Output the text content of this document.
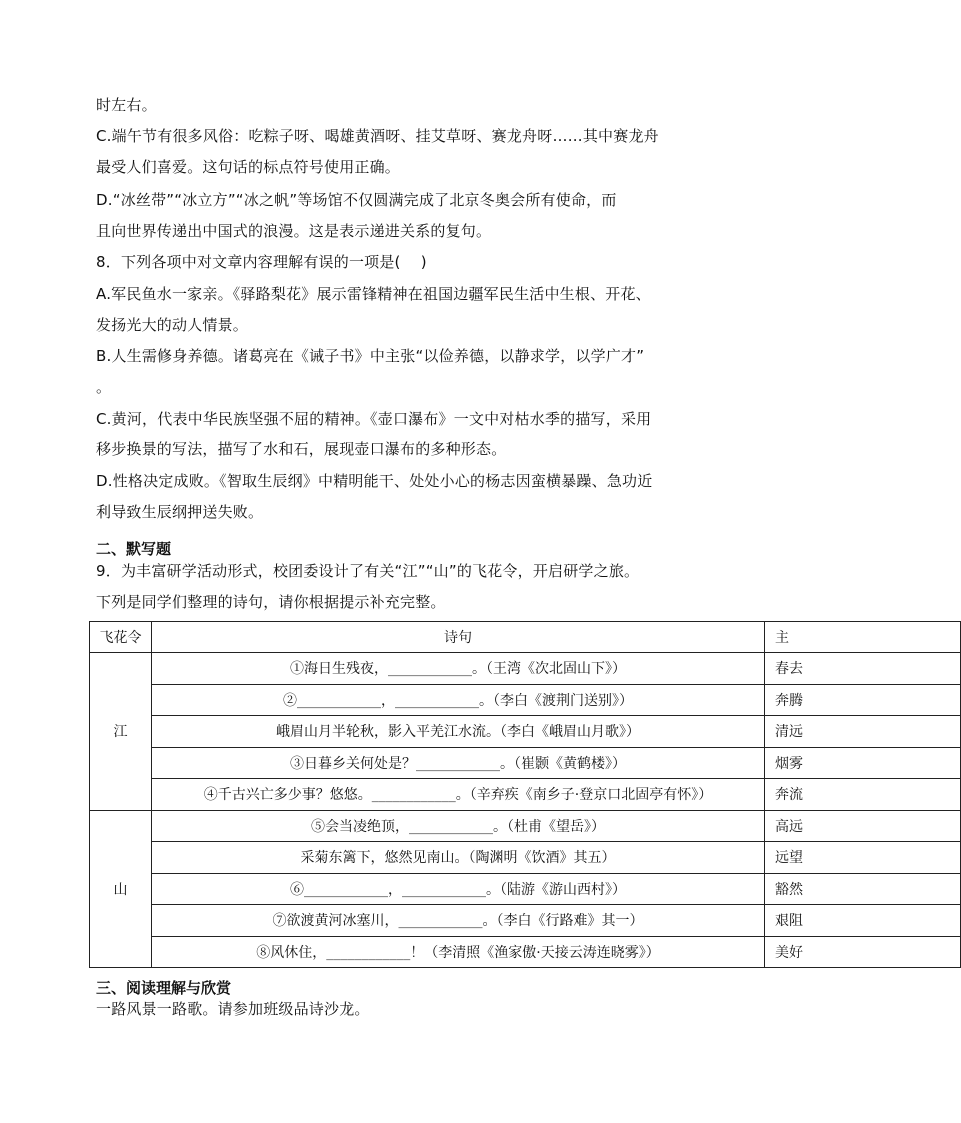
时左右。
C.端午节有很多风俗：吃粽子呀、喝雄黄酒呀、挂艾草呀、赛龙舟呀……其中赛龙舟
最受人们喜爱。这句话的标点符号使用正确。
D.“冰丝带”“冰立方”“冰之帆”等场馆不仅圆满完成了北京冬奥会所有使命，而
且向世界传递出中国式的浪漫。这是表示递进关系的复句。
8．下列各项中对文章内容理解有误的一项是(　 )
A.军民鱼水一家亲。《驿路梨花》展示雷锋精神在祖国边疆军民生活中生根、开花、
发扬光大的动人情景。
B.人生需修身养德。诸葛亮在《诫子书》中主张“以俭养德，以静求学，以学广才”
。
C.黄河，代表中华民族坚强不屈的精神。《壶口瀑布》一文中对枯水季的描写，采用
移步换景的写法，描写了水和石，展现壶口瀑布的多种形态。
D.性格决定成败。《智取生辰纲》中精明能干、处处小心的杨志因蛮横暴躁、急功近
利导致生辰纲押送失败。
二、默写题
9．为丰富研学活动形式，校团委设计了有关“江”“山”的飞花令，开启研学之旅。
下列是同学们整理的诗句，请你根据提示补充完整。
飞花令	诗句	主
江	①海日生残夜，____________。（王湾《次北固山下》）	春去
	②____________，____________。（李白《渡荆门送别》）	奔腾
	峨眉山月半轮秋，影入平羌江水流。（李白《峨眉山月歌》）	清远
	③日暮乡关何处是？____________。（崔颢《黄鹤楼》）	烟雾
	④千古兴亡多少事？悠悠。____________。（辛弃疾《南乡子·登京口北固亭有怀》）	奔流
山	⑤会当凌绝顶，____________。（杜甫《望岳》）	高远
	采菊东篱下，悠然见南山。（陶渊明《饮酒》其五）	远望
	⑥____________，____________。（陆游《游山西村》）	豁然
	⑦欲渡黄河冰塞川，____________。（李白《行路难》其一）	艰阻
	⑧风休住，____________！（李清照《渔家傲·天接云涛连晓雾》）	美好
三、阅读理解与欣赏
一路风景一路歌。请参加班级品诗沙龙。
